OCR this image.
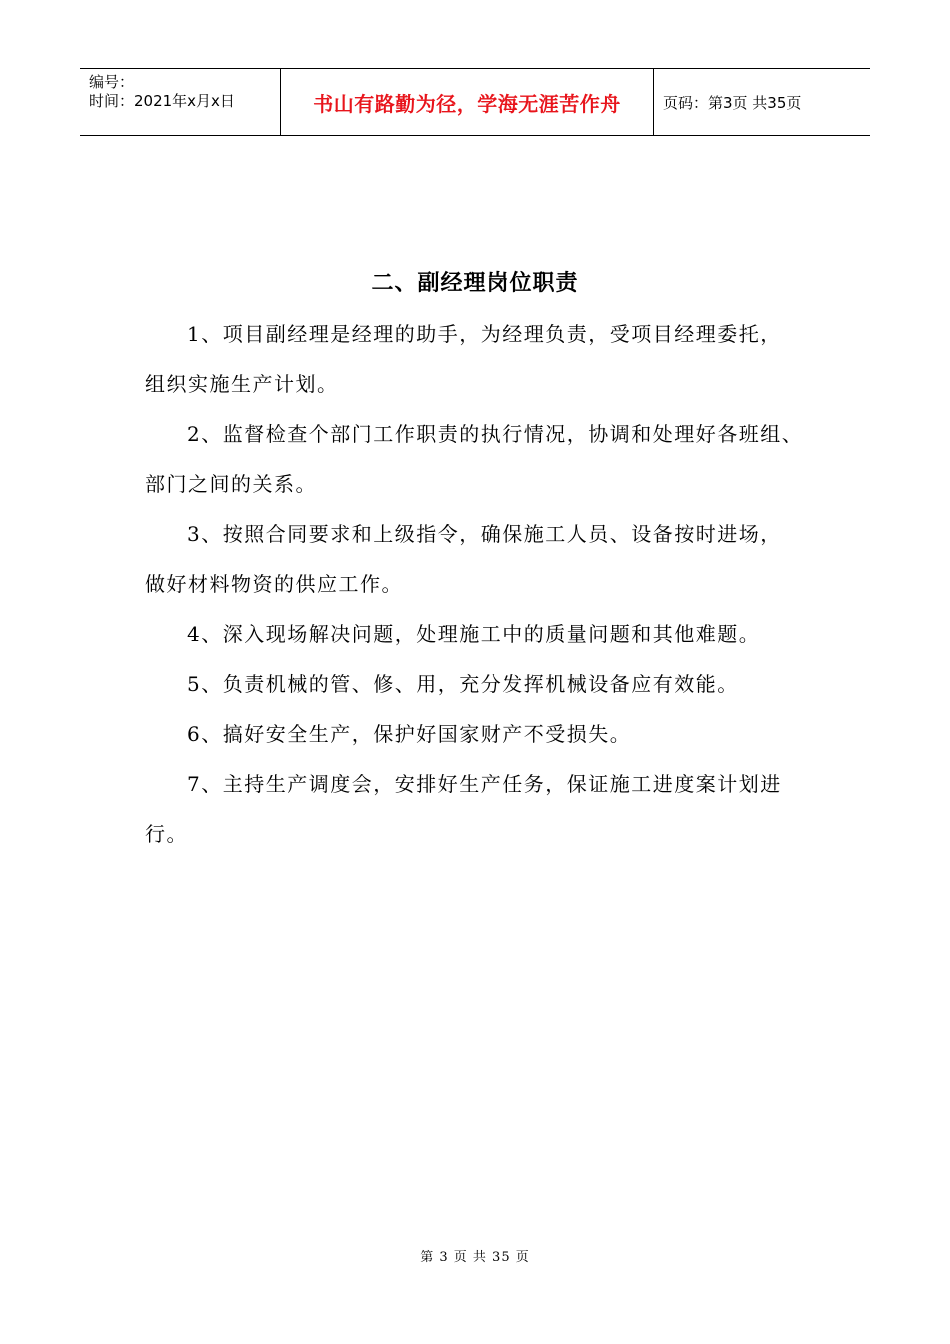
编号：
时间：2021年x月x日	书山有路勤为径，学海无涯苦作舟	页码：第3页 共35页
二、副经理岗位职责
1、项目副经理是经理的助手，为经理负责，受项目经理委托，
组织实施生产计划。
2、监督检查个部门工作职责的执行情况，协调和处理好各班组、
部门之间的关系。
3、按照合同要求和上级指令，确保施工人员、设备按时进场，
做好材料物资的供应工作。
4、深入现场解决问题，处理施工中的质量问题和其他难题。
5、负责机械的管、修、用，充分发挥机械设备应有效能。
6、搞好安全生产，保护好国家财产不受损失。
7、主持生产调度会，安排好生产任务，保证施工进度案计划进
行。
第 3 页 共 35 页
